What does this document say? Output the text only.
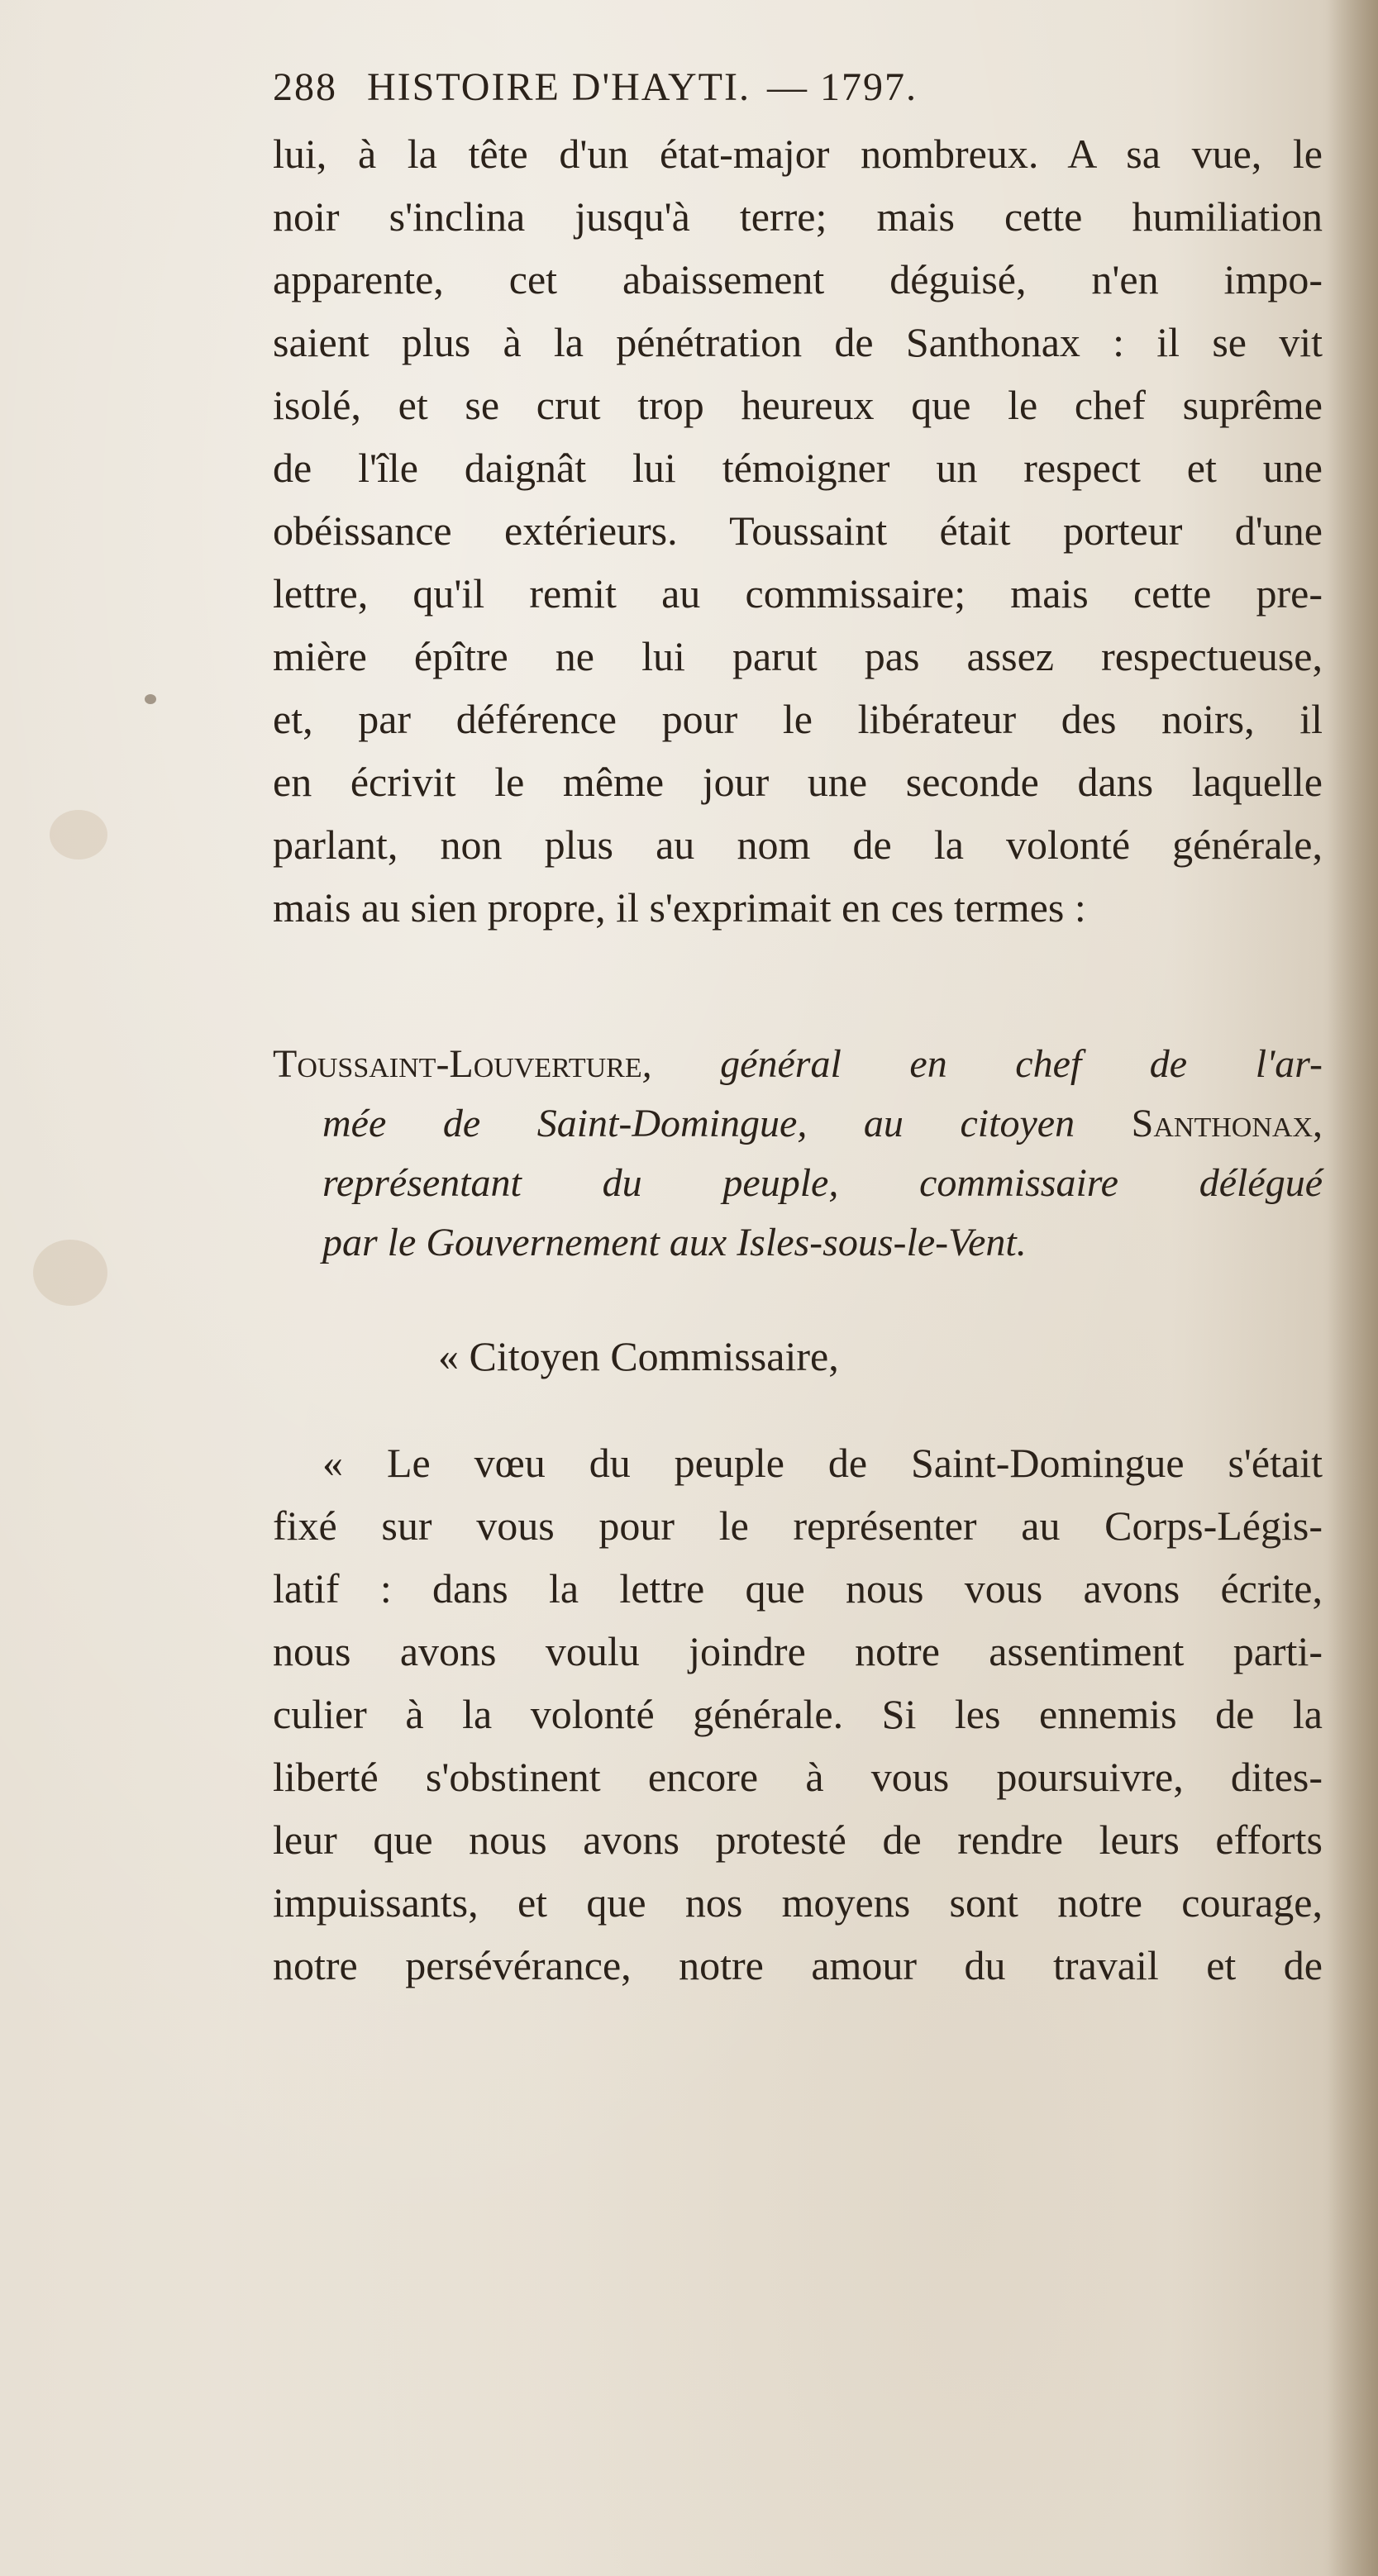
288 HISTOIRE D'HAYTI. — 1797.
lui, à la tête d'un état-major nombreux. A sa vue, le
noir s'inclina jusqu'à terre; mais cette humiliation
apparente, cet abaissement déguisé, n'en impo-
saient plus à la pénétration de Santhonax : il se vit
isolé, et se crut trop heureux que le chef suprême
de l'île daignât lui témoigner un respect et une
obéissance extérieurs. Toussaint était porteur d'une
lettre, qu'il remit au commissaire; mais cette pre-
mière épître ne lui parut pas assez respectueuse,
et, par déférence pour le libérateur des noirs, il
en écrivit le même jour une seconde dans laquelle
parlant, non plus au nom de la volonté générale,
mais au sien propre, il s'exprimait en ces termes :
Toussaint-Louverture, général en chef de l'ar-
mée de Saint-Domingue, au citoyen Santhonax,
représentant du peuple, commissaire délégué
par le Gouvernement aux Isles-sous-le-Vent.
« Citoyen Commissaire,
« Le vœu du peuple de Saint-Domingue s'était
fixé sur vous pour le représenter au Corps-Légis-
latif : dans la lettre que nous vous avons écrite,
nous avons voulu joindre notre assentiment parti-
culier à la volonté générale. Si les ennemis de la
liberté s'obstinent encore à vous poursuivre, dites-
leur que nous avons protesté de rendre leurs efforts
impuissants, et que nos moyens sont notre courage,
notre persévérance, notre amour du travail et de
